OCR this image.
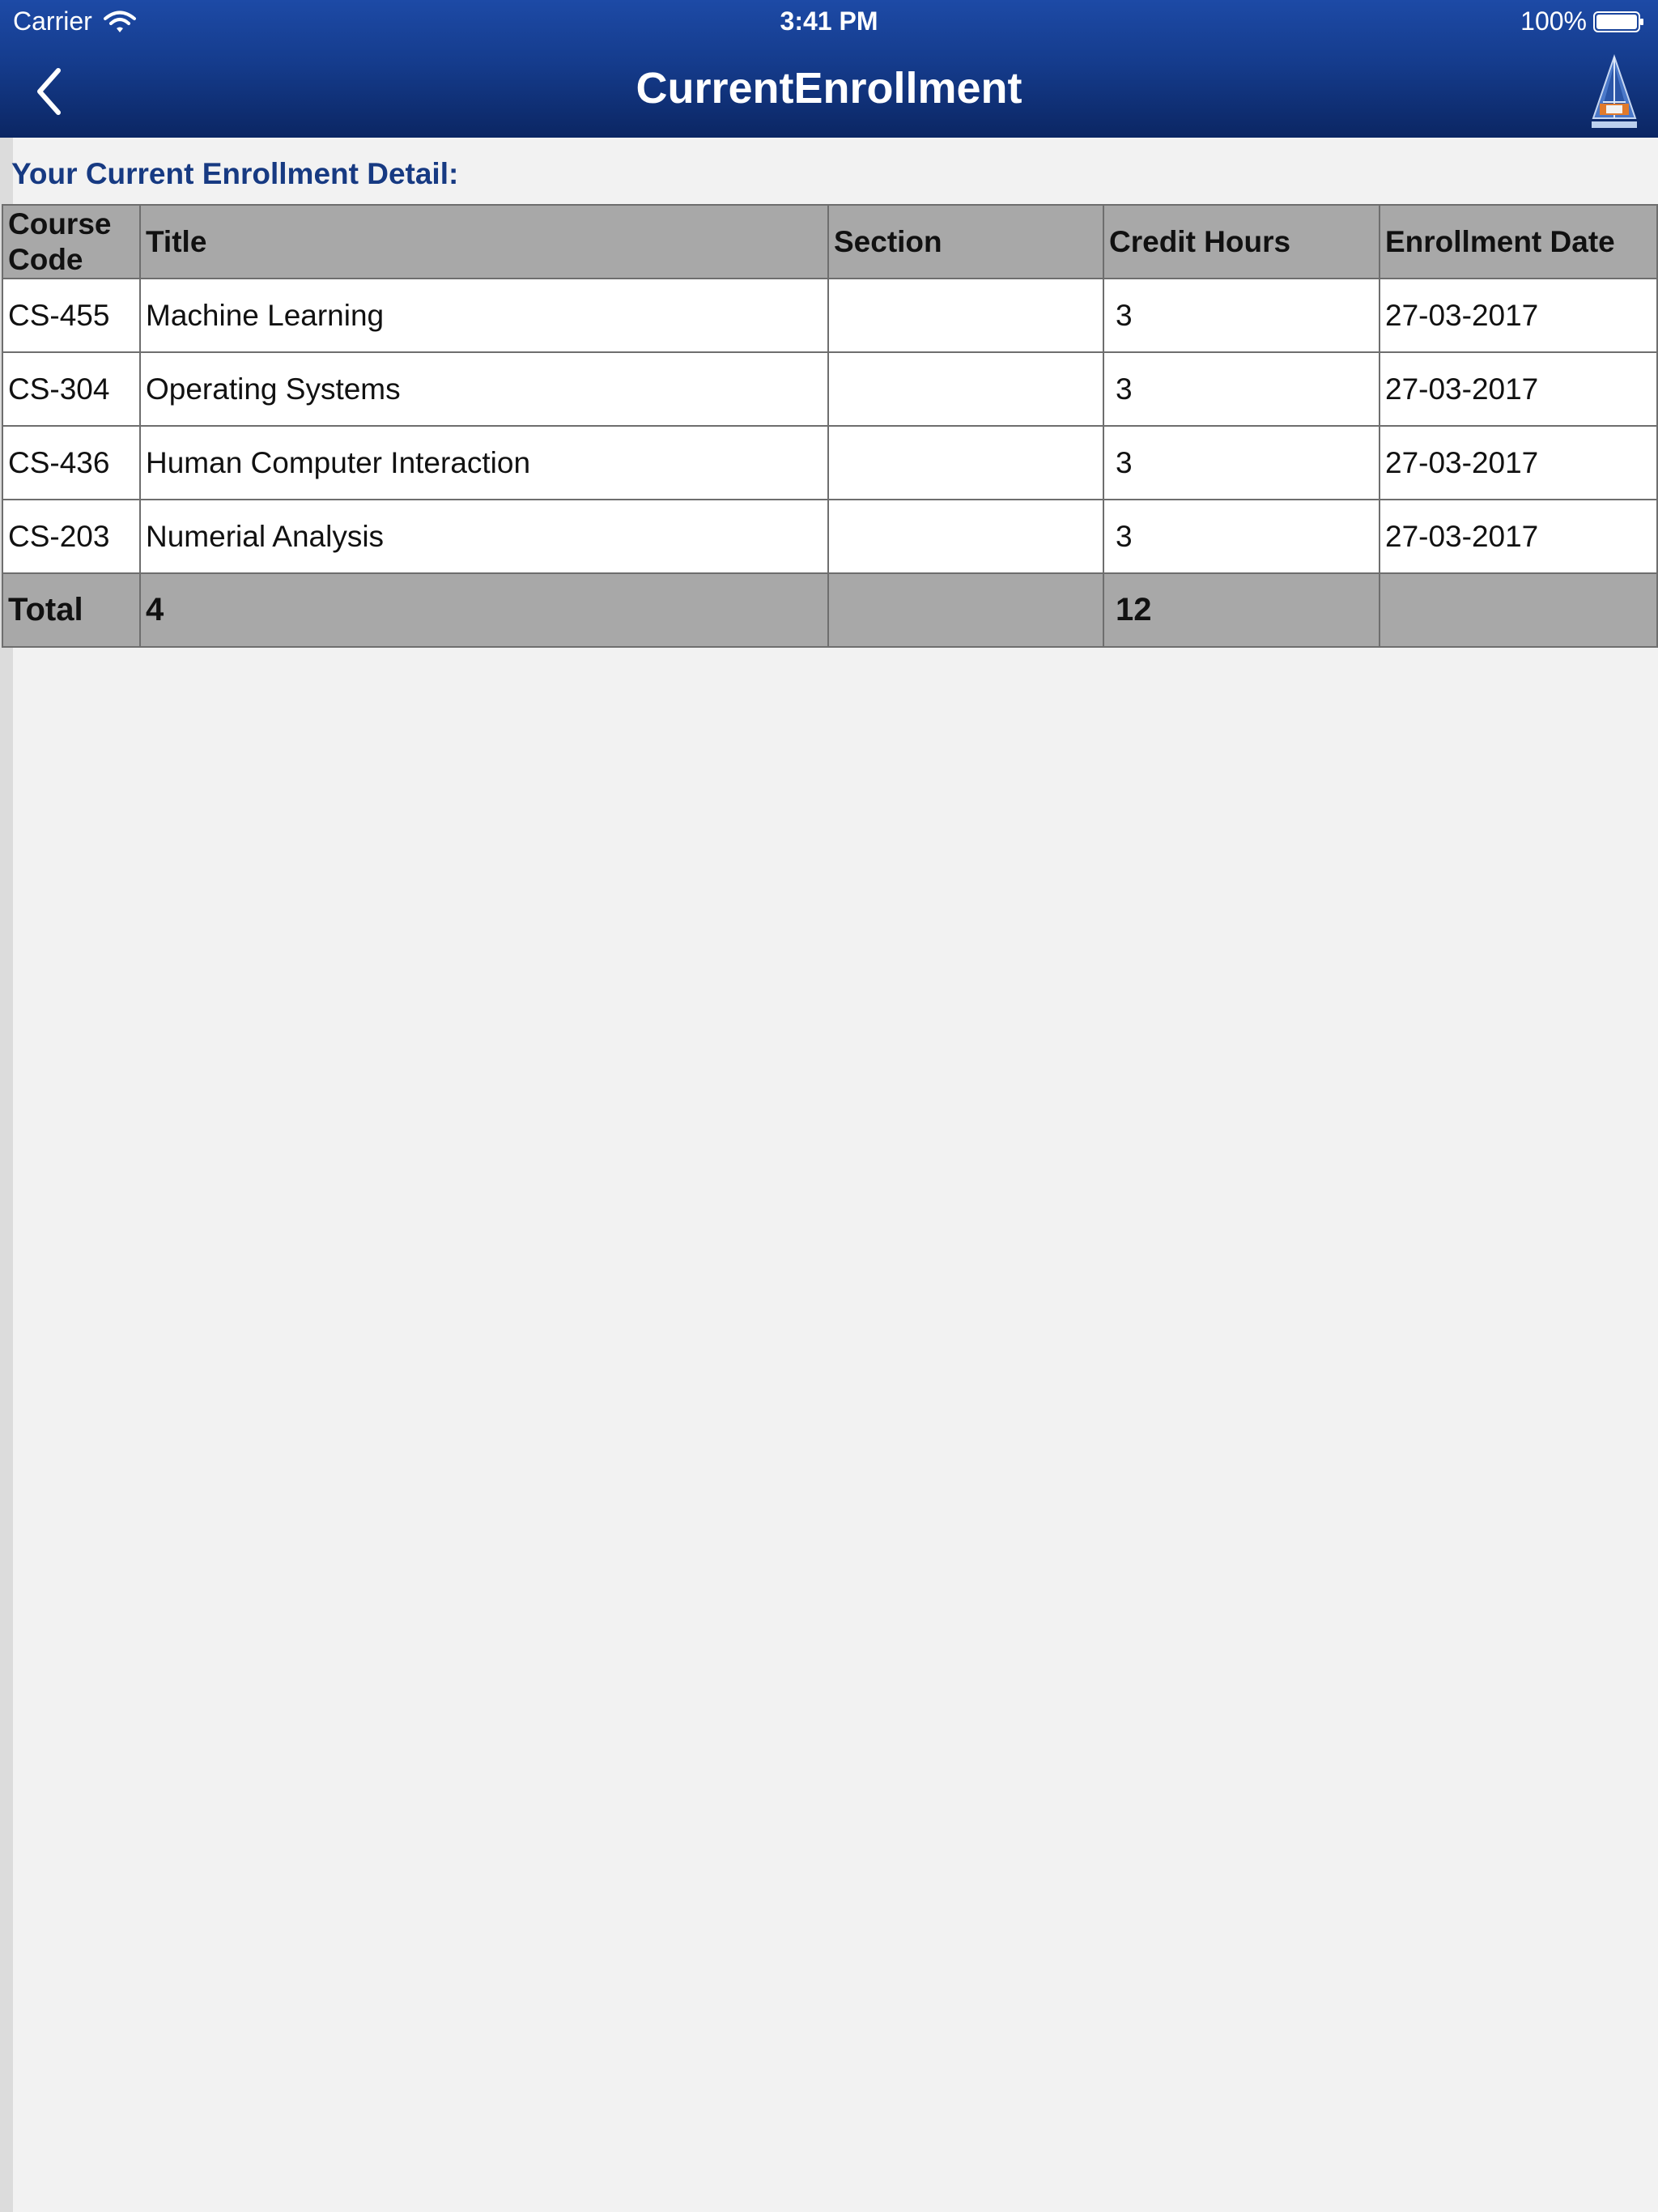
Carrier	3:41 PM	100%
CurrentEnrollment
Your Current Enrollment Detail:
Course Code	Title	Section	Credit Hours	Enrollment Date
CS-455	Machine Learning		3	27-03-2017
CS-304	Operating Systems		3	27-03-2017
CS-436	Human Computer Interaction		3	27-03-2017
CS-203	Numerial Analysis		3	27-03-2017
Total	4		12	
